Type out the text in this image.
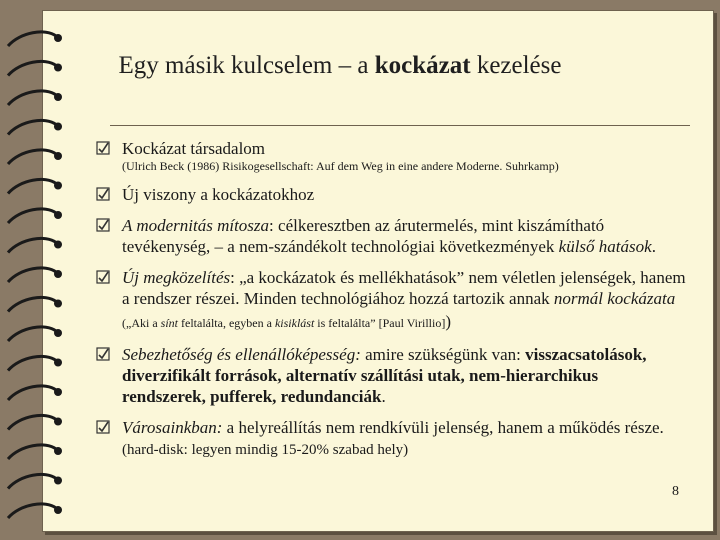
Egy másik kulcselem – a kockázat kezelése
Kockázat társadalom
(Ulrich Beck (1986) Risikogesellschaft: Auf dem Weg in eine andere Moderne. Suhrkamp)
Új viszony a kockázatokhoz
A modernitás mítosza: célkeresztben az árutermelés, mint kiszámítható tevékenység, – a nem-szándékolt technológiai következmények külső hatások.
Új megközelítés: „a kockázatok és mellékhatások” nem véletlen jelenségek, hanem a rendszer részei. Minden technológiához hozzá tartozik annak normál kockázata („Aki a sínt feltalálta, egyben a kisiklást is feltalálta” [Paul Virillio])
Sebezhetőség és ellenállóképesség: amire szükségünk van: visszacsatolások, diverzifikált források, alternatív szállítási utak, nem-hierarchikus rendszerek, pufferek, redundanciák.
Városainkban: a helyreállítás nem rendkívüli jelenség, hanem a működés része. (hard-disk: legyen mindig 15-20% szabad hely)
8
